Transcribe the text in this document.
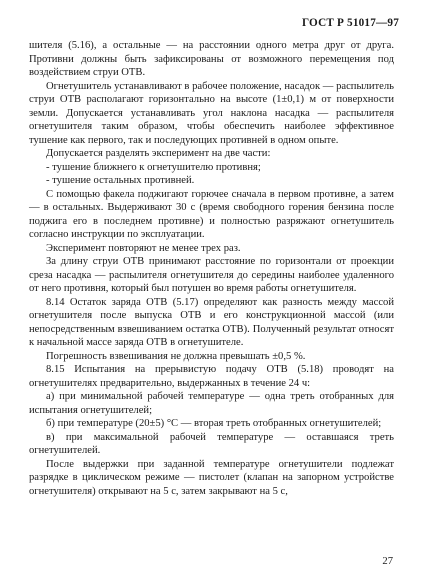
ГОСТ Р 51017—97

шителя (5.16), а остальные — на расстоянии одного метра друг от друга. Противни должны быть зафиксированы от возможного перемещения под воздействием струи ОТВ.

Огнетушитель устанавливают в рабочее положение, насадок — распылитель струи ОТВ располагают горизонтально на высоте (1±0,1) м от поверхности земли. Допускается устанавливать угол наклона насадка — распылителя огнетушителя таким образом, чтобы обеспечить наиболее эффективное тушение как первого, так и последующих противней в одном опыте.

Допускается разделять эксперимент на две части:

- тушение ближнего к огнетушителю противня;

- тушение остальных противней.

С помощью факела поджигают горючее сначала в первом противне, а затем — в остальных. Выдерживают 30 с (время свободного горения бензина после поджига его в последнем противне) и полностью разряжают огнетушитель согласно инструкции по эксплуатации.

Эксперимент повторяют не менее трех раз.

За длину струи ОТВ принимают расстояние по горизонтали от проекции среза насадка — распылителя огнетушителя до середины наиболее удаленного от него противня, который был потушен во время работы огнетушителя.

8.14 Остаток заряда ОТВ (5.17) определяют как разность между массой огнетушителя после выпуска ОТВ и его конструкционной массой (или непосредственным взвешиванием остатка ОТВ). Полученный результат относят к начальной массе заряда ОТВ в огнетушителе.

Погрешность взвешивания не должна превышать ±0,5 %.

8.15 Испытания на прерывистую подачу ОТВ (5.18) проводят на огнетушителях предварительно, выдержанных в течение 24 ч:

а) при минимальной рабочей температуре — одна треть отобранных для испытания огнетушителей;

б) при температуре (20±5) °С — вторая треть отобранных огнетушителей;

в) при максимальной рабочей температуре — оставшаяся треть огнетушителей.

После выдержки при заданной температуре огнетушители подлежат разрядке в циклическом режиме — пистолет (клапан на запорном устройстве огнетушителя) открывают на 5 с, затем закрывают на 5 с,

27
